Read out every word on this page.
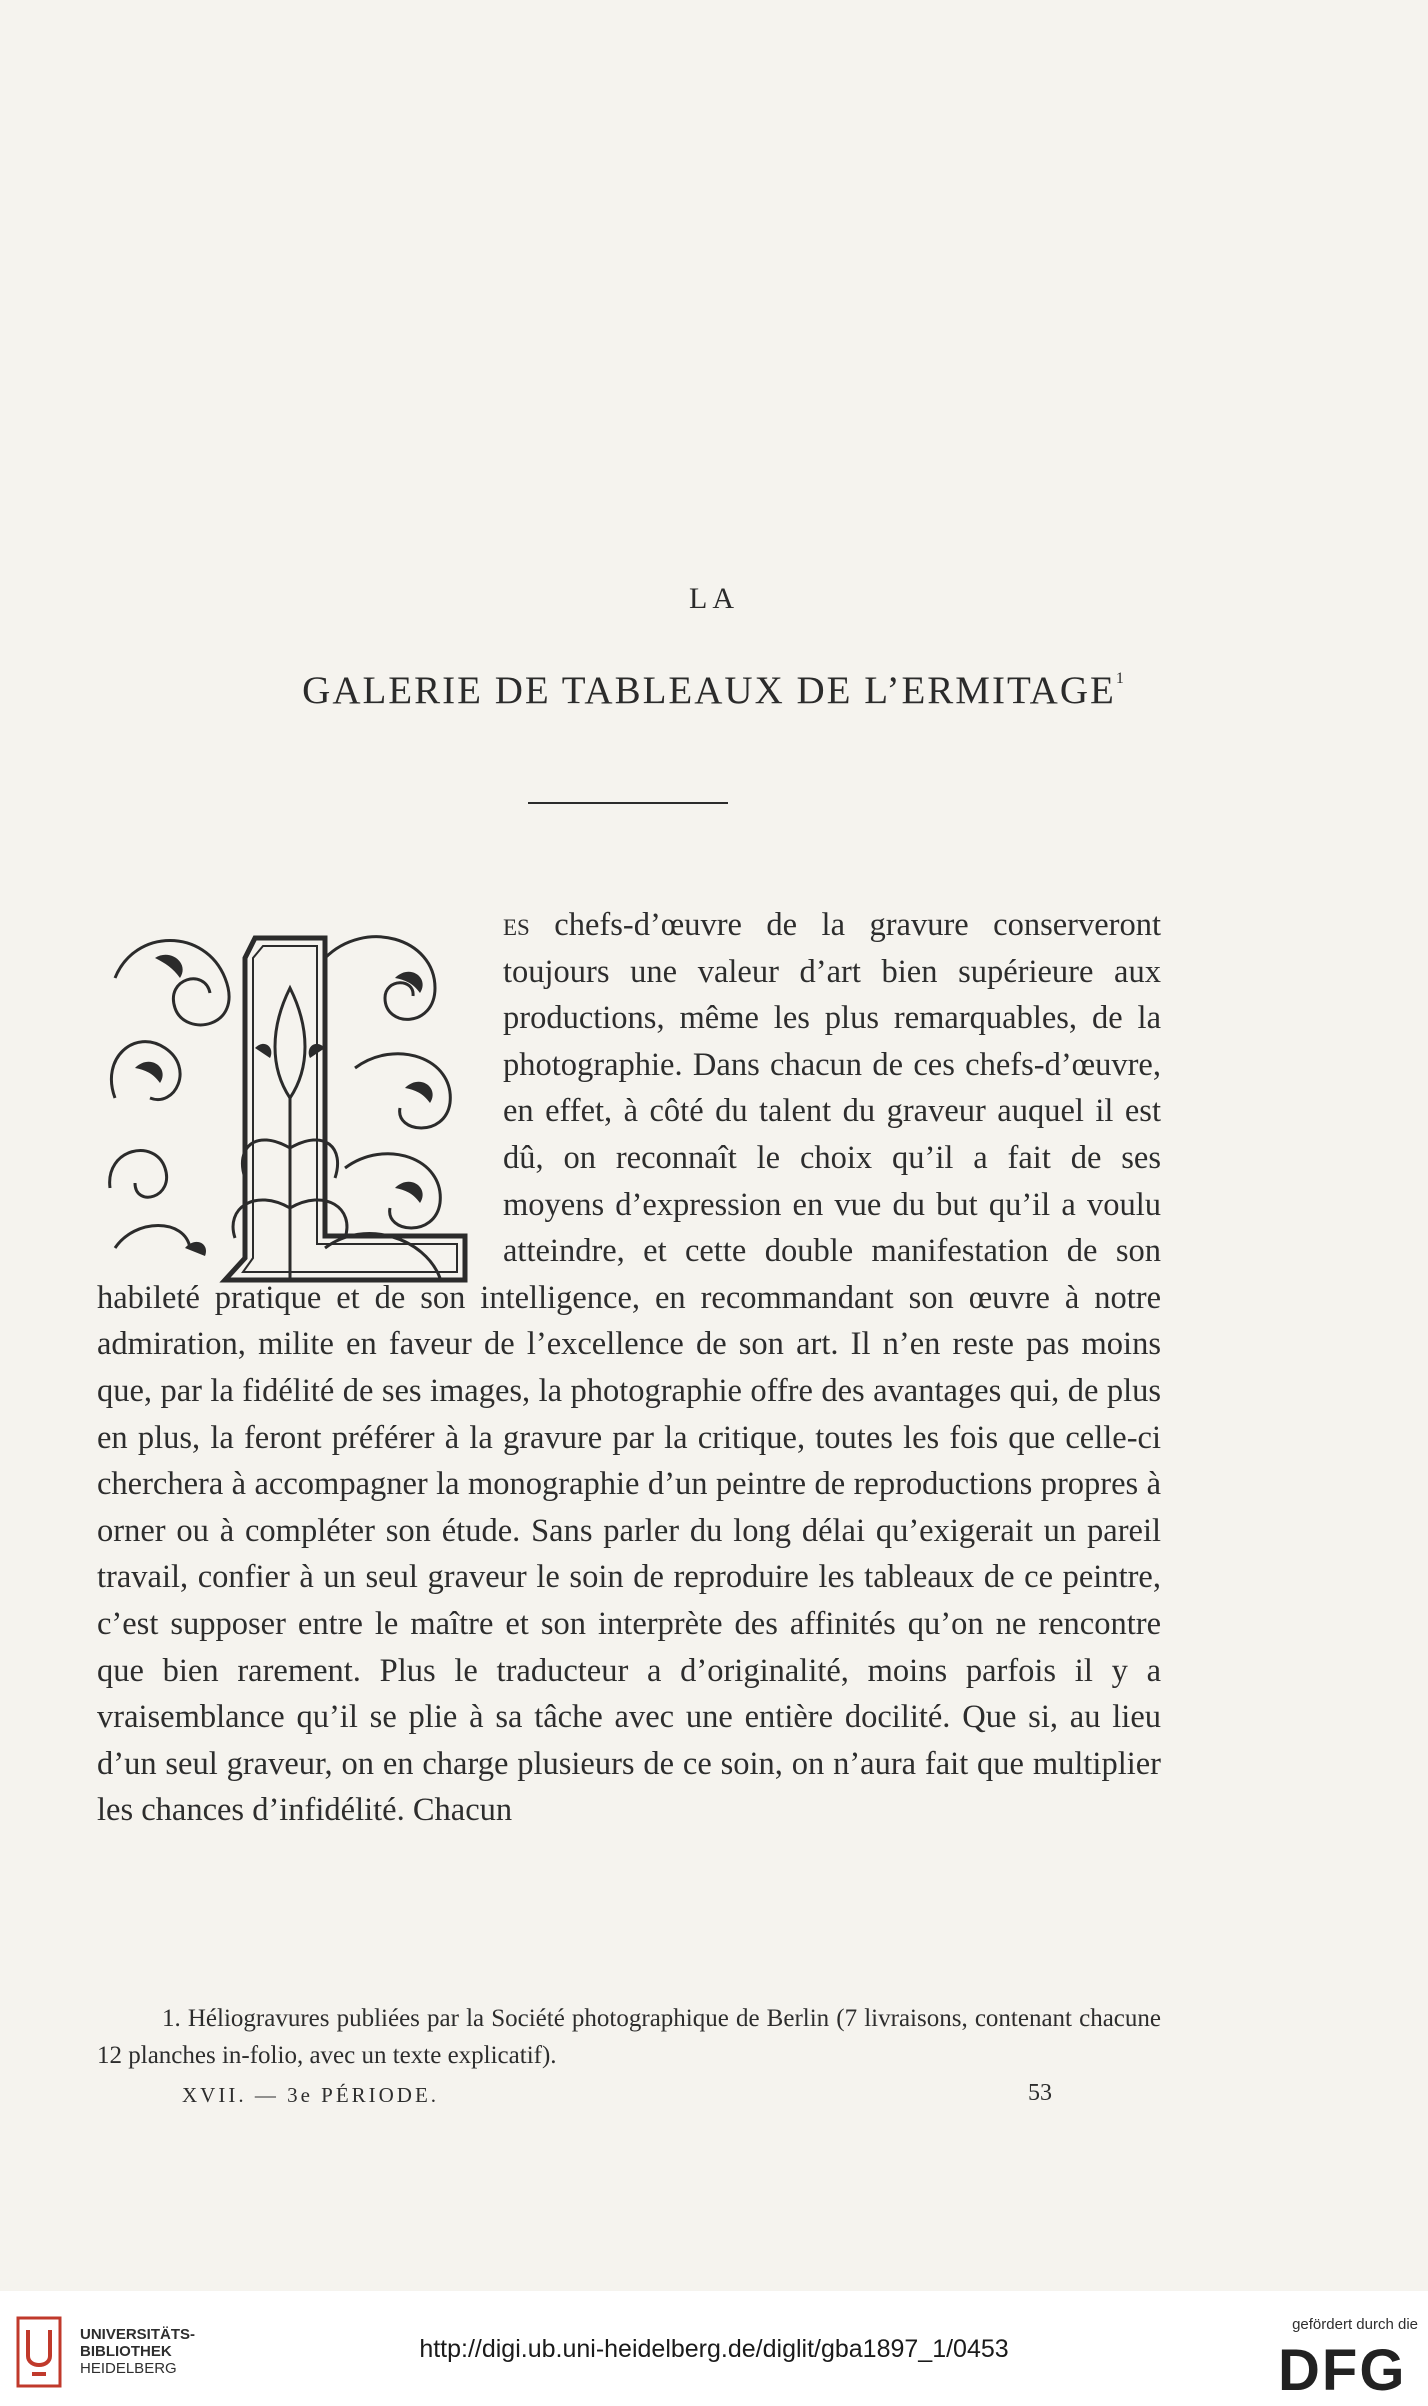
LA
GALERIE DE TABLEAUX DE L’ERMITAGE$^1$

es chefs-d’œuvre de la gravure conserveront toujours une valeur d’art bien supérieure aux productions, même les plus remarquables, de la photographie. Dans chacun de ces chefs-d’œuvre, en effet, à côté du talent du graveur auquel il est dû, on reconnaît le choix qu’il a fait de ses moyens d’expression en vue du but qu’il a voulu atteindre, et cette double manifestation de son habileté pratique et de son intelligence, en recommandant son œuvre à notre admiration, milite en faveur de l’excellence de son art. Il n’en reste pas moins que, par la fidélité de ses images, la photographie offre des avantages qui, de plus en plus, la feront préférer à la gravure par la critique, toutes les fois que celle-ci cherchera à accompagner la monographie d’un peintre de reproductions propres à orner ou à compléter son étude. Sans parler du long délai qu’exigerait un pareil travail, confier à un seul graveur le soin de reproduire les tableaux de ce peintre, c’est supposer entre le maître et son interprète des affinités qu’on ne rencontre que bien rarement. Plus le traducteur a d’originalité, moins parfois il y a vraisemblance qu’il se plie à sa tâche avec une entière docilité. Que si, au lieu d’un seul graveur, on en charge plusieurs de ce soin, on n’aura fait que multiplier les chances d’infidélité. Chacun

1. Héliogravures publiées par la Société photographique de Berlin (7 livraisons, contenant chacune 12 planches in-folio, avec un texte explicatif).

XVII. — 3e PÉRIODE.	53
UNIVERSITÄTS-
BIBLIOTHEK
HEIDELBERG
http://digi.ub.uni-heidelberg.de/diglit/gba1897_1/0453
gefördert durch die
DFG
